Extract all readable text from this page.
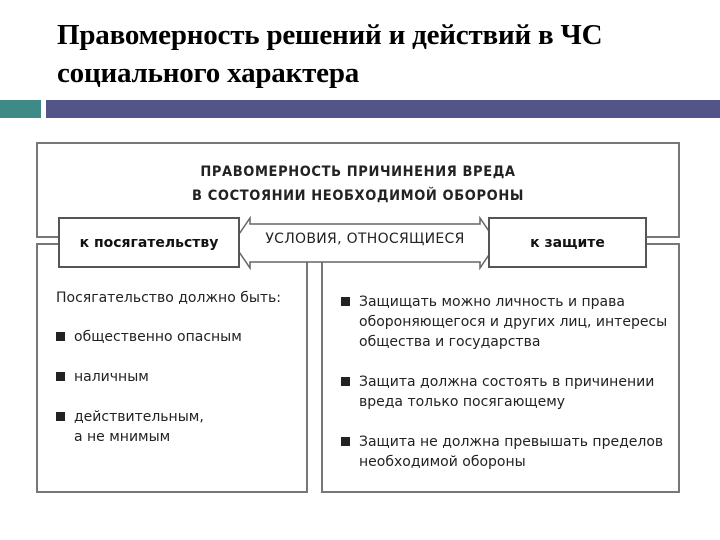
Правомерность решений и действий в ЧС социального характера
ПРАВОМЕРНОСТЬ ПРИЧИНЕНИЯ ВРЕДА
В СОСТОЯНИИ НЕОБХОДИМОЙ ОБОРОНЫ
УСЛОВИЯ, ОТНОСЯЩИЕСЯ
к посягательству	к защите
Посягательство должно быть:
общественно опасным
наличным
действительным,
а не мнимым
Защищать можно личность и права обороняющегося и других лиц, интересы общества и государства
Защита должна состоять в причинении вреда только посягающему
Защита не должна превышать пределов необходимой обороны
